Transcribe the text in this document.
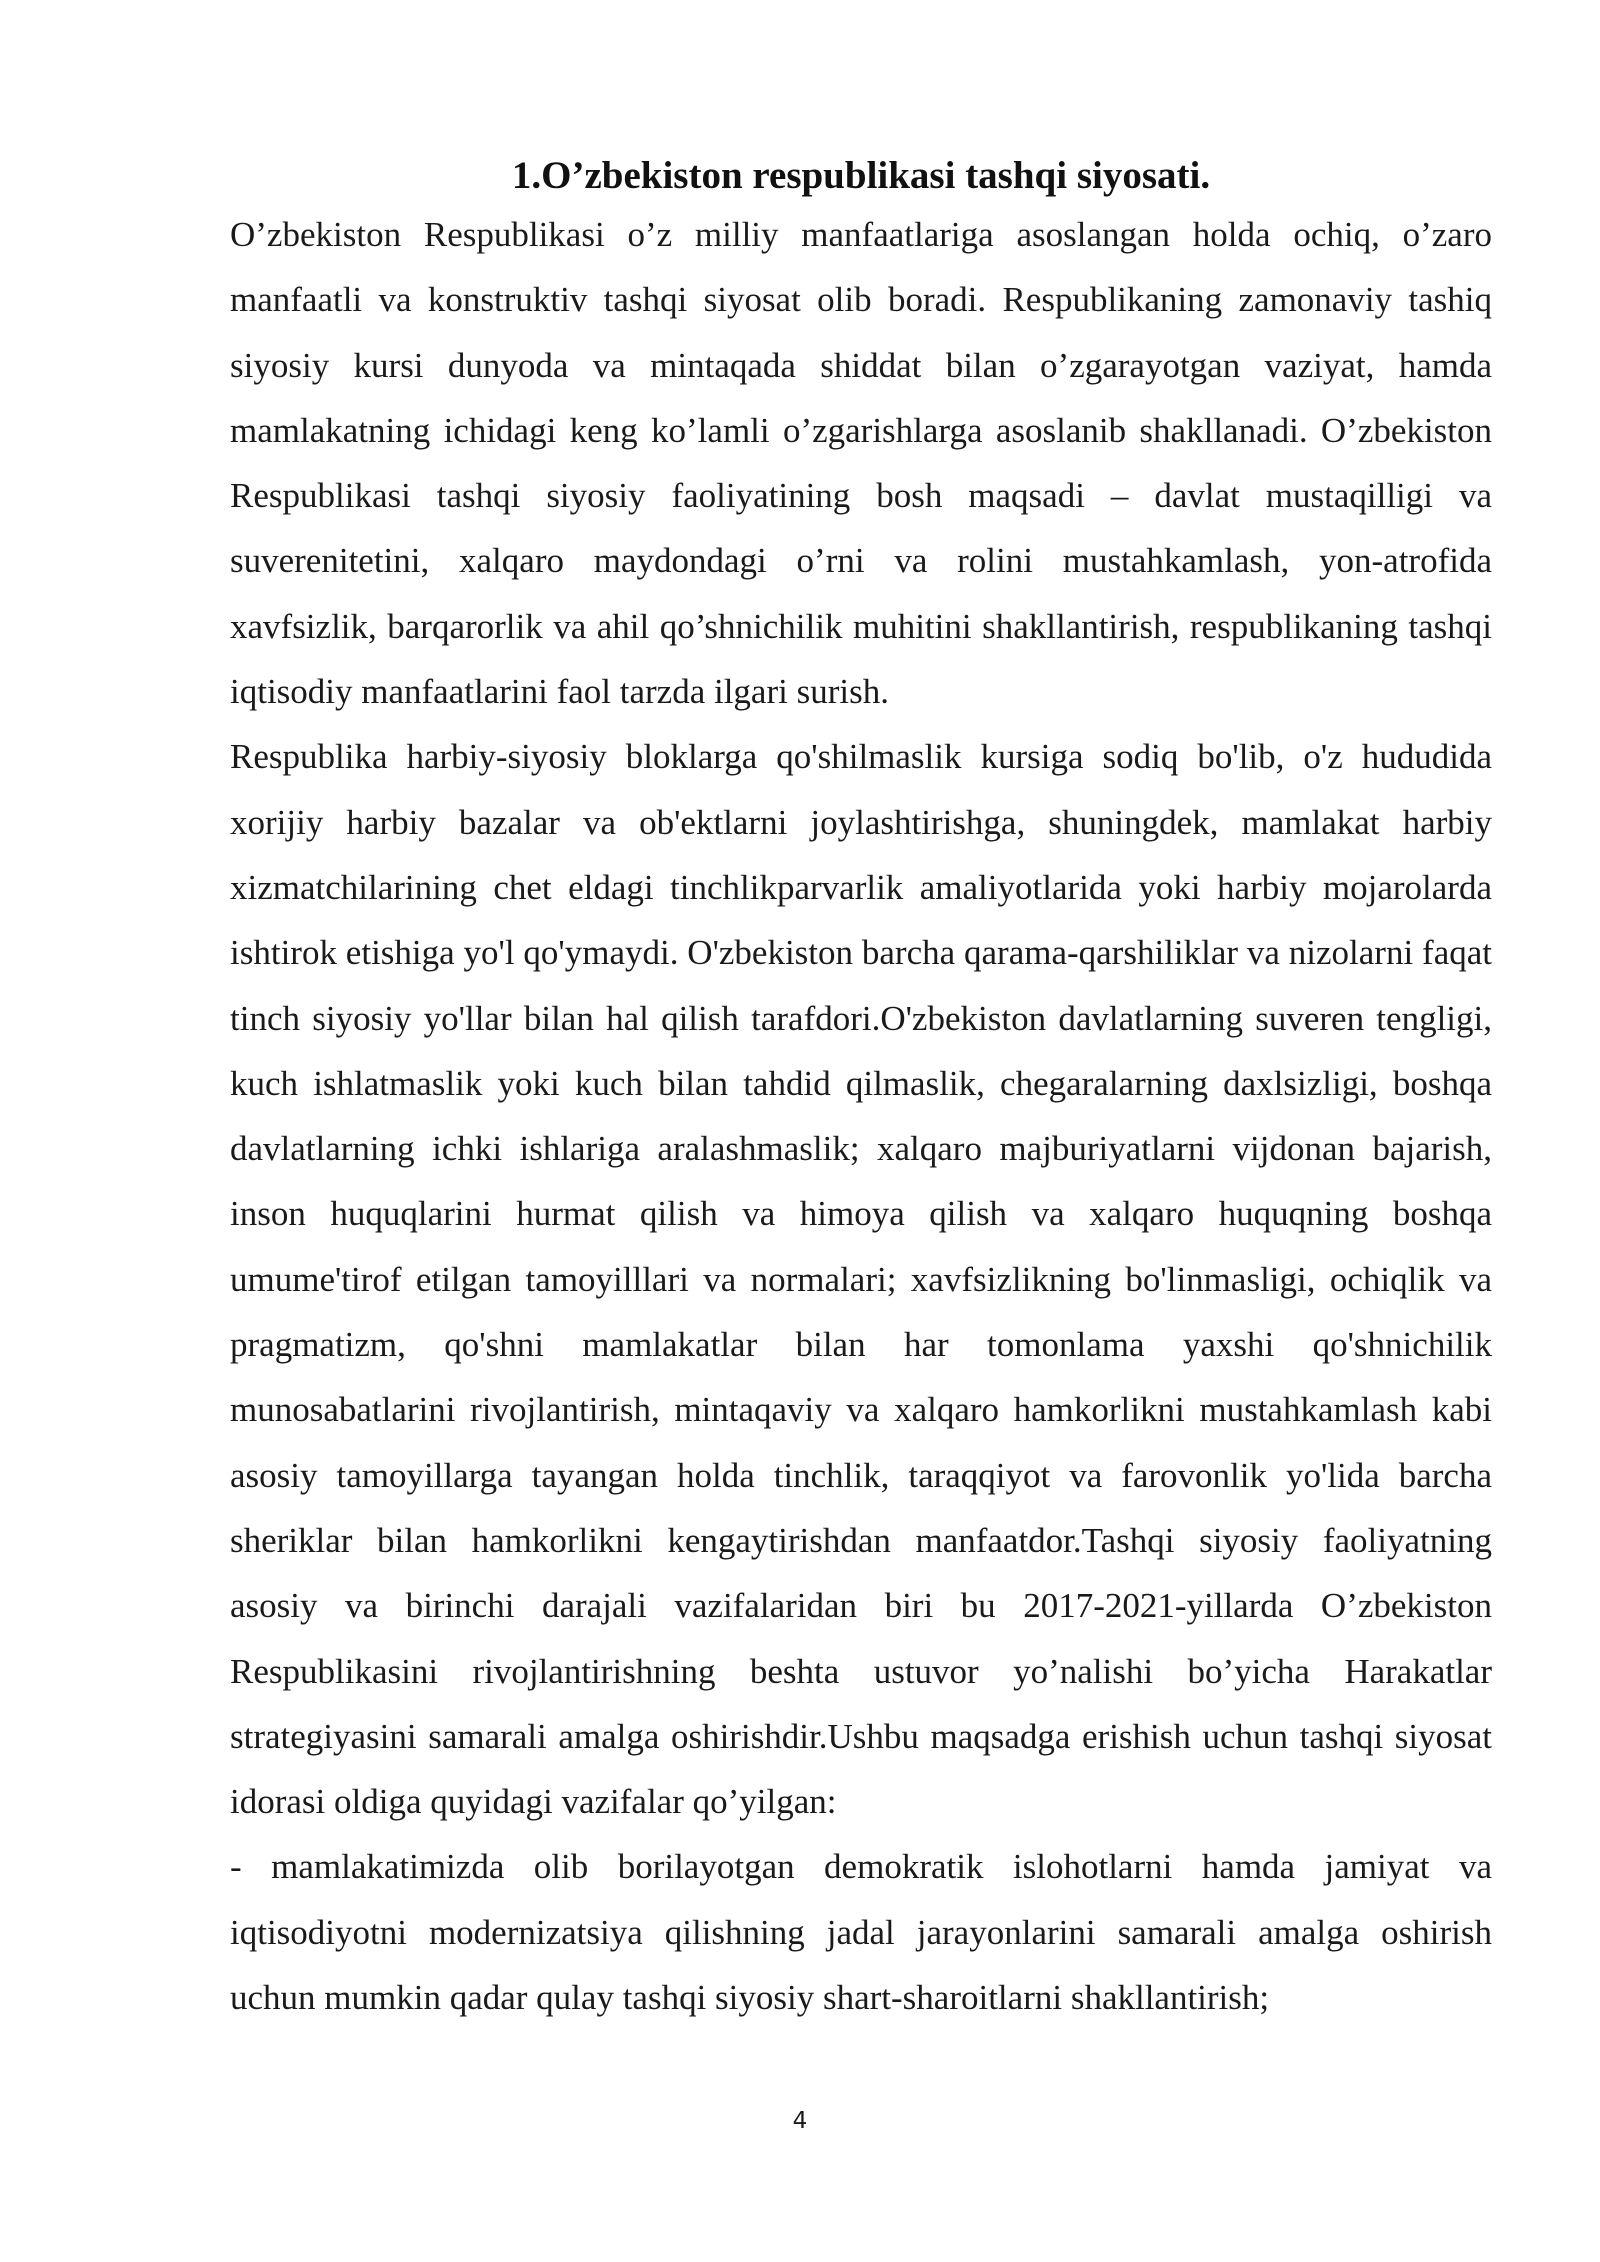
1.O’zbekiston respublikasi tashqi siyosati.

O’zbekiston Respublikasi o’z milliy manfaatlariga asoslangan holda ochiq, o’zaro manfaatli va konstruktiv tashqi siyosat olib boradi. Respublikaning zamonaviy tashiq siyosiy kursi dunyoda va mintaqada shiddat bilan o’zgarayotgan vaziyat, hamda mamlakatning ichidagi keng ko’lamli o’zgarishlarga asoslanib shakllanadi. O’zbekiston Respublikasi tashqi siyosiy faoliyatining bosh maqsadi – davlat mustaqilligi va suverenitetini, xalqaro maydondagi o’rni va rolini mustahkamlash, yon-atrofida xavfsizlik, barqarorlik va ahil qo’shnichilik muhitini shakllantirish, respublikaning tashqi iqtisodiy manfaatlarini faol tarzda ilgari surish.

Respublika harbiy-siyosiy bloklarga qo'shilmaslik kursiga sodiq bo'lib, o'z hududida xorijiy harbiy bazalar va ob'ektlarni joylashtirishga, shuningdek, mamlakat harbiy xizmatchilarining chet eldagi tinchlikparvarlik amaliyotlarida yoki harbiy mojarolarda ishtirok etishiga yo'l qo'ymaydi. O'zbekiston barcha qarama-qarshiliklar va nizolarni faqat tinch siyosiy yo'llar bilan hal qilish tarafdori.O'zbekiston davlatlarning suveren tengligi, kuch ishlatmaslik yoki kuch bilan tahdid qilmaslik, chegaralarning daxlsizligi, boshqa davlatlarning ichki ishlariga aralashmaslik; xalqaro majburiyatlarni vijdonan bajarish, inson huquqlarini hurmat qilish va himoya qilish va xalqaro huquqning boshqa umume'tirof etilgan tamoyilllari va normalari; xavfsizlikning bo'linmasligi, ochiqlik va pragmatizm, qo'shni mamlakatlar bilan har tomonlama yaxshi qo'shnichilik munosabatlarini rivojlantirish, mintaqaviy va xalqaro hamkorlikni mustahkamlash kabi asosiy tamoyillarga tayangan holda tinchlik, taraqqiyot va farovonlik yo'lida barcha sheriklar bilan hamkorlikni kengaytirishdan manfaatdor.Tashqi siyosiy faoliyatning asosiy va birinchi darajali vazifalaridan biri bu 2017-2021-yillarda O’zbekiston Respublikasini rivojlantirishning beshta ustuvor yo’nalishi bo’yicha Harakatlar strategiyasini samarali amalga oshirishdir.Ushbu maqsadga erishish uchun tashqi siyosat idorasi oldiga quyidagi vazifalar qo’yilgan:

- mamlakatimizda olib borilayotgan demokratik islohotlarni hamda jamiyat va iqtisodiyotni modernizatsiya qilishning jadal jarayonlarini samarali amalga oshirish uchun mumkin qadar qulay tashqi siyosiy shart-sharoitlarni shakllantirish;

4
